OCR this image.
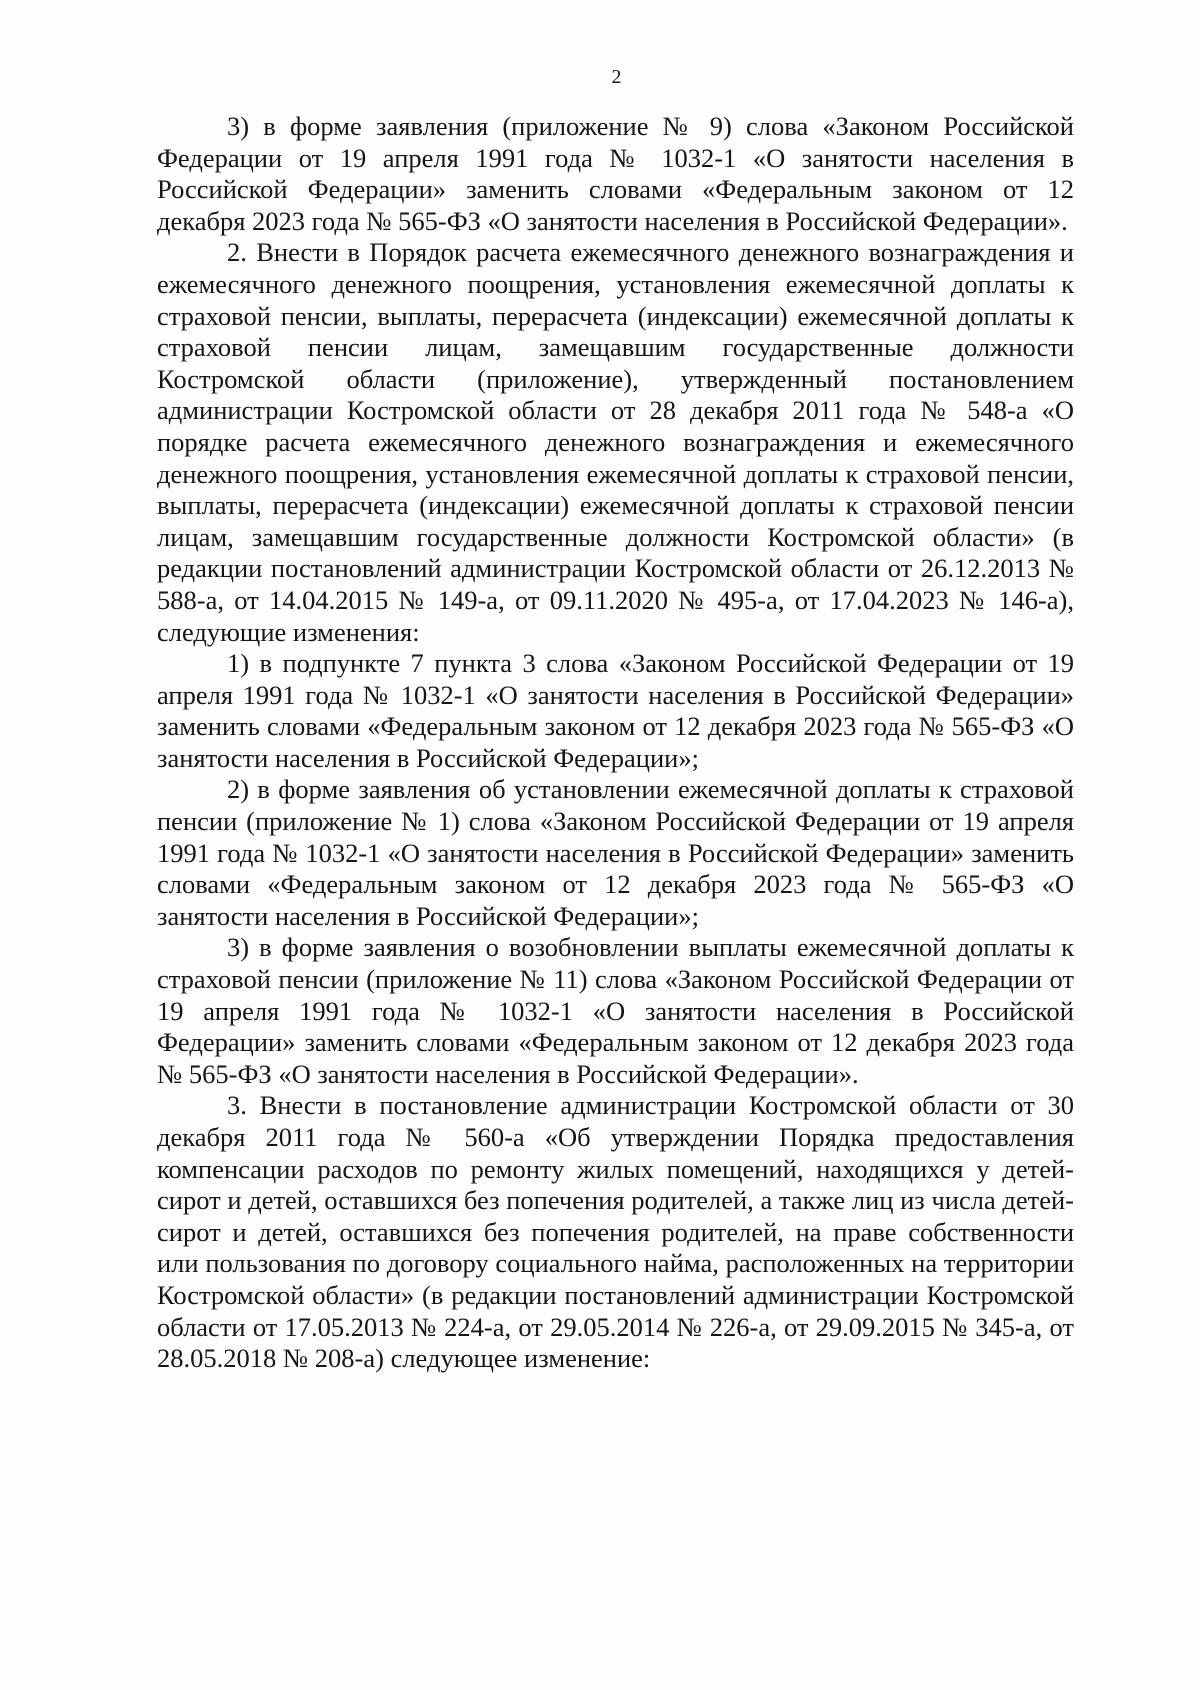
2

3) в форме заявления (приложение № 9) слова «Законом Российской Федерации от 19 апреля 1991 года № 1032-1 «О занятости населения в Российской Федерации» заменить словами «Федеральным законом от 12 декабря 2023 года № 565-ФЗ «О занятости населения в Российской Федерации».

2. Внести в Порядок расчета ежемесячного денежного вознаграждения и ежемесячного денежного поощрения, установления ежемесячной доплаты к страховой пенсии, выплаты, перерасчета (индексации) ежемесячной доплаты к страховой пенсии лицам, замещавшим государственные должности Костромской области (приложение), утвержденный постановлением администрации Костромской области от 28 декабря 2011 года № 548-а «О порядке расчета ежемесячного денежного вознаграждения и ежемесячного денежного поощрения, установления ежемесячной доплаты к страховой пенсии, выплаты, перерасчета (индексации) ежемесячной доплаты к страховой пенсии лицам, замещавшим государственные должности Костромской области» (в редакции постановлений администрации Костромской области от 26.12.2013 № 588-а, от 14.04.2015 № 149-а, от 09.11.2020 № 495-а, от 17.04.2023 № 146-а), следующие изменения:

1) в подпункте 7 пункта 3 слова «Законом Российской Федерации от 19 апреля 1991 года № 1032-1 «О занятости населения в Российской Федерации» заменить словами «Федеральным законом от 12 декабря 2023 года № 565-ФЗ «О занятости населения в Российской Федерации»;

2) в форме заявления об установлении ежемесячной доплаты к страховой пенсии (приложение № 1) слова «Законом Российской Федерации от 19 апреля 1991 года № 1032-1 «О занятости населения в Российской Федерации» заменить словами «Федеральным законом от 12 декабря 2023 года № 565-ФЗ «О занятости населения в Российской Федерации»;

3) в форме заявления о возобновлении выплаты ежемесячной доплаты к страховой пенсии (приложение № 11) слова «Законом Российской Федерации от 19 апреля 1991 года № 1032-1 «О занятости населения в Российской Федерации» заменить словами «Федеральным законом от 12 декабря 2023 года № 565-ФЗ «О занятости населения в Российской Федерации».

3. Внести в постановление администрации Костромской области от 30 декабря 2011 года № 560-а «Об утверждении Порядка предоставления компенсации расходов по ремонту жилых помещений, находящихся у детей-сирот и детей, оставшихся без попечения родителей, а также лиц из числа детей-сирот и детей, оставшихся без попечения родителей, на праве собственности или пользования по договору социального найма, расположенных на территории Костромской области» (в редакции постановлений администрации Костромской области от 17.05.2013 № 224-а, от 29.05.2014 № 226-а, от 29.09.2015 № 345-а, от 28.05.2018 № 208-а) следующее изменение:
